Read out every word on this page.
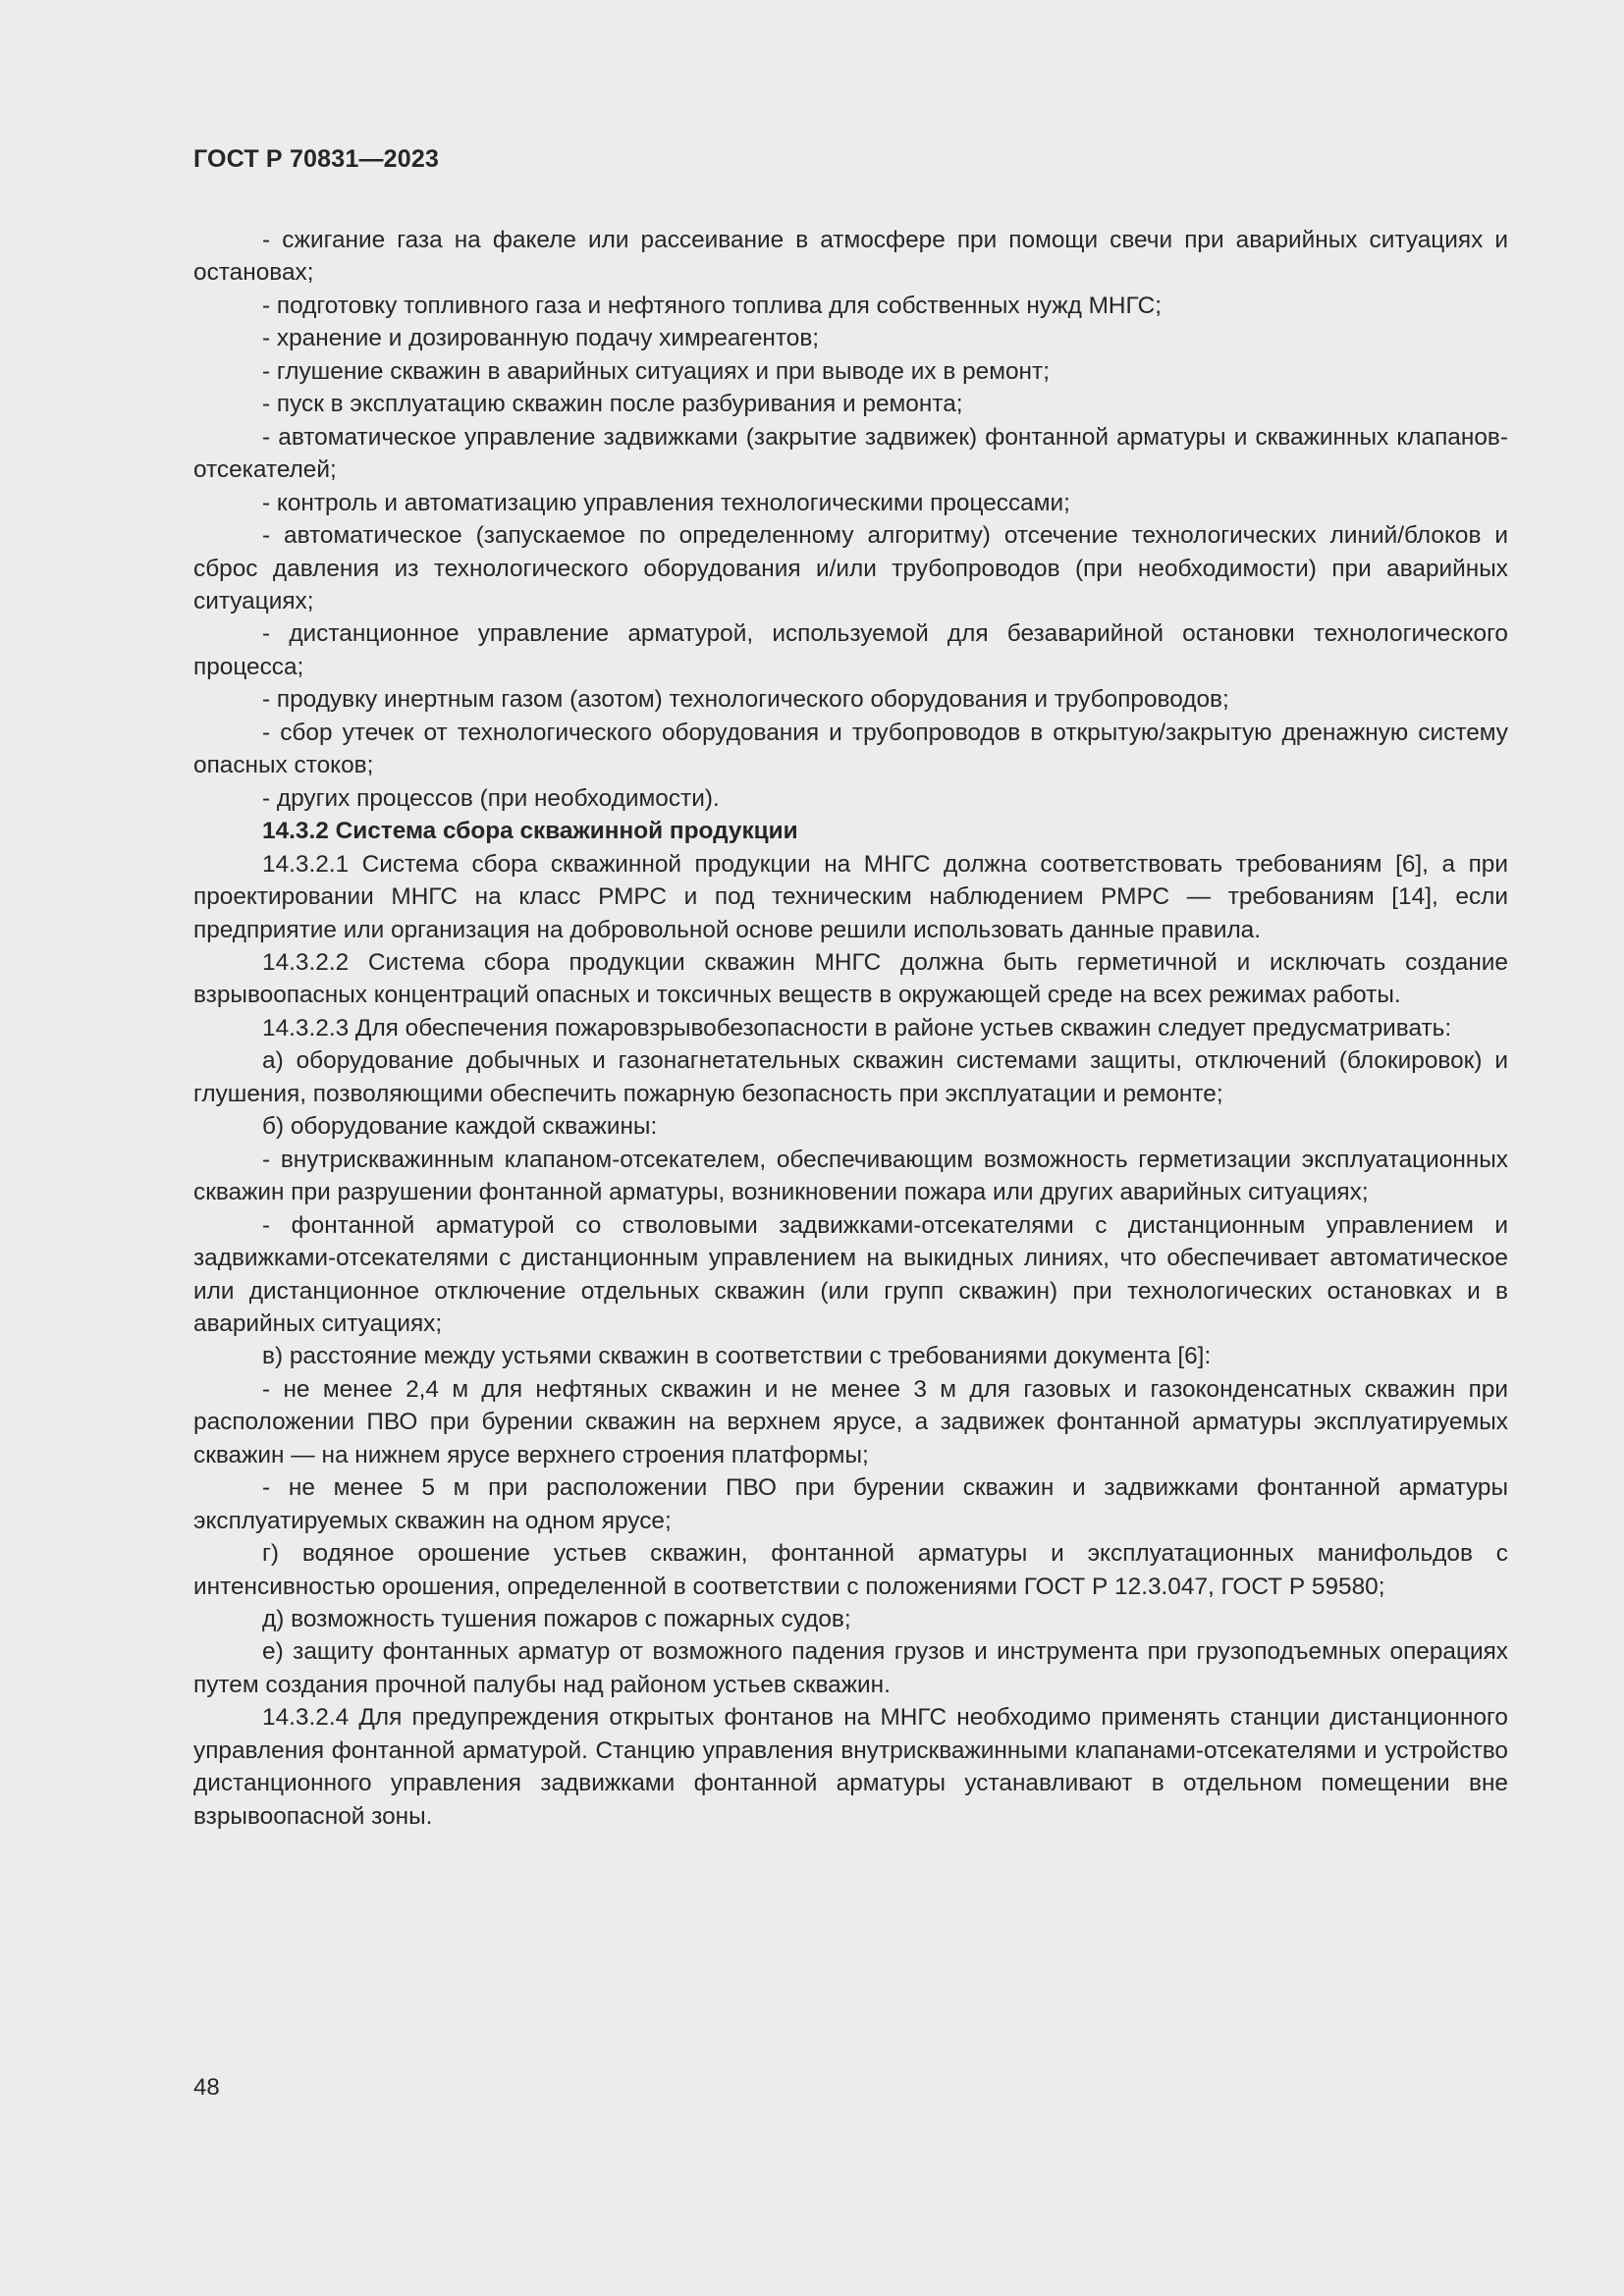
ГОСТ Р 70831—2023

- сжигание газа на факеле или рассеивание в атмосфере при помощи свечи при аварийных ситуациях и остановах;

- подготовку топливного газа и нефтяного топлива для собственных нужд МНГС;

- хранение и дозированную подачу химреагентов;

- глушение скважин в аварийных ситуациях и при выводе их в ремонт;

- пуск в эксплуатацию скважин после разбуривания и ремонта;

- автоматическое управление задвижками (закрытие задвижек) фонтанной арматуры и скважинных клапанов-отсекателей;

- контроль и автоматизацию управления технологическими процессами;

- автоматическое (запускаемое по определенному алгоритму) отсечение технологических линий/блоков и сброс давления из технологического оборудования и/или трубопроводов (при необходимости) при аварийных ситуациях;

- дистанционное управление арматурой, используемой для безаварийной остановки технологического процесса;

- продувку инертным газом (азотом) технологического оборудования и трубопроводов;

- сбор утечек от технологического оборудования и трубопроводов в открытую/закрытую дренажную систему опасных стоков;

- других процессов (при необходимости).

14.3.2 Система сбора скважинной продукции

14.3.2.1 Система сбора скважинной продукции на МНГС должна соответствовать требованиям [6], а при проектировании МНГС на класс РМРС и под техническим наблюдением РМРС — требованиям [14], если предприятие или организация на добровольной основе решили использовать данные правила.

14.3.2.2 Система сбора продукции скважин МНГС должна быть герметичной и исключать создание взрывоопасных концентраций опасных и токсичных веществ в окружающей среде на всех режимах работы.

14.3.2.3 Для обеспечения пожаровзрывобезопасности в районе устьев скважин следует предусматривать:

а) оборудование добычных и газонагнетательных скважин системами защиты, отключений (блокировок) и глушения, позволяющими обеспечить пожарную безопасность при эксплуатации и ремонте;

б) оборудование каждой скважины:

- внутрискважинным клапаном-отсекателем, обеспечивающим возможность герметизации эксплуатационных скважин при разрушении фонтанной арматуры, возникновении пожара или других аварийных ситуациях;

- фонтанной арматурой со стволовыми задвижками-отсекателями с дистанционным управлением и задвижками-отсекателями с дистанционным управлением на выкидных линиях, что обеспечивает автоматическое или дистанционное отключение отдельных скважин (или групп скважин) при технологических остановках и в аварийных ситуациях;

в) расстояние между устьями скважин в соответствии с требованиями документа [6]:

- не менее 2,4 м для нефтяных скважин и не менее 3 м для газовых и газоконденсатных скважин при расположении ПВО при бурении скважин на верхнем ярусе, а задвижек фонтанной арматуры эксплуатируемых скважин — на нижнем ярусе верхнего строения платформы;

- не менее 5 м при расположении ПВО при бурении скважин и задвижками фонтанной арматуры эксплуатируемых скважин на одном ярусе;

г) водяное орошение устьев скважин, фонтанной арматуры и эксплуатационных манифольдов с интенсивностью орошения, определенной в соответствии с положениями ГОСТ Р 12.3.047, ГОСТ Р 59580;

д) возможность тушения пожаров с пожарных судов;

е) защиту фонтанных арматур от возможного падения грузов и инструмента при грузоподъемных операциях путем создания прочной палубы над районом устьев скважин.

14.3.2.4 Для предупреждения открытых фонтанов на МНГС необходимо применять станции дистанционного управления фонтанной арматурой. Станцию управления внутрискважинными клапанами-отсекателями и устройство дистанционного управления задвижками фонтанной арматуры устанавливают в отдельном помещении вне взрывоопасной зоны.

48
